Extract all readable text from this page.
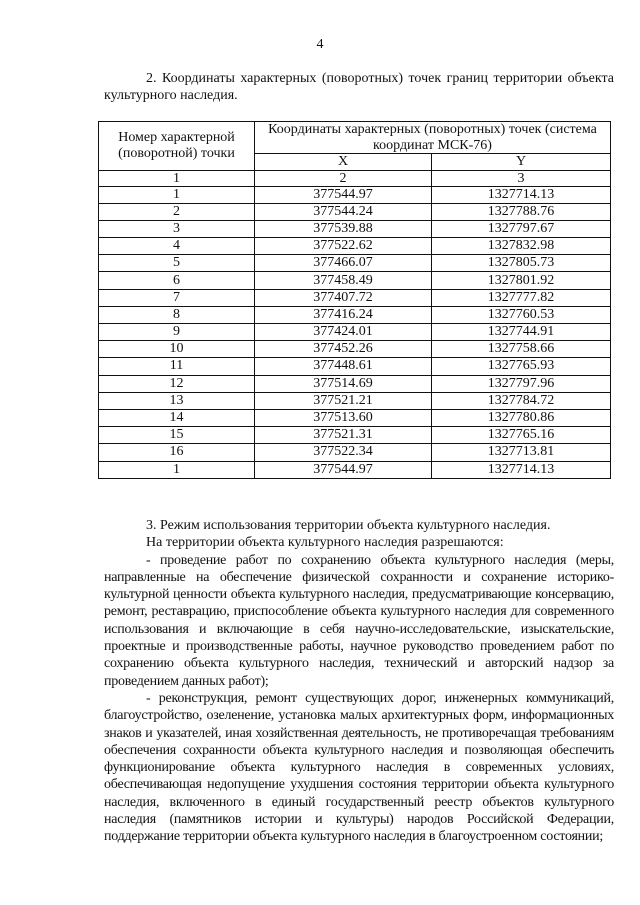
4
2. Координаты характерных (поворотных) точек границ территории объекта культурного наследия.
Номер характерной (поворотной) точки	Координаты характерных (поворотных) точек (система координат МСК-76)	
	X	Y
1	2	3
1	377544.97	1327714.13
2	377544.24	1327788.76
3	377539.88	1327797.67
4	377522.62	1327832.98
5	377466.07	1327805.73
6	377458.49	1327801.92
7	377407.72	1327777.82
8	377416.24	1327760.53
9	377424.01	1327744.91
10	377452.26	1327758.66
11	377448.61	1327765.93
12	377514.69	1327797.96
13	377521.21	1327784.72
14	377513.60	1327780.86
15	377521.31	1327765.16
16	377522.34	1327713.81
1	377544.97	1327714.13

3. Режим использования территории объекта культурного наследия.

На территории объекта культурного наследия разрешаются:

- проведение работ по сохранению объекта культурного наследия (меры, направленные на обеспечение физической сохранности и сохранение историко-культурной ценности объекта культурного наследия, предусматривающие консервацию, ремонт, реставрацию, приспособление объекта культурного наследия для современного использования и включающие в себя научно-исследовательские, изыскательские, проектные и производственные работы, научное руководство проведением работ по сохранению объекта культурного наследия, технический и авторский надзор за проведением данных работ);

- реконструкция, ремонт существующих дорог, инженерных коммуникаций, благоустройство, озеленение, установка малых архитектурных форм, информационных знаков и указателей, иная хозяйственная деятельность, не противоречащая требованиям обеспечения сохранности объекта культурного наследия и позволяющая обеспечить функционирование объекта культурного наследия в современных условиях, обеспечивающая недопущение ухудшения состояния территории объекта культурного наследия, включенного в единый государственный реестр объектов культурного наследия (памятников истории и культуры) народов Российской Федерации, поддержание территории объекта культурного наследия в благоустроенном состоянии;
